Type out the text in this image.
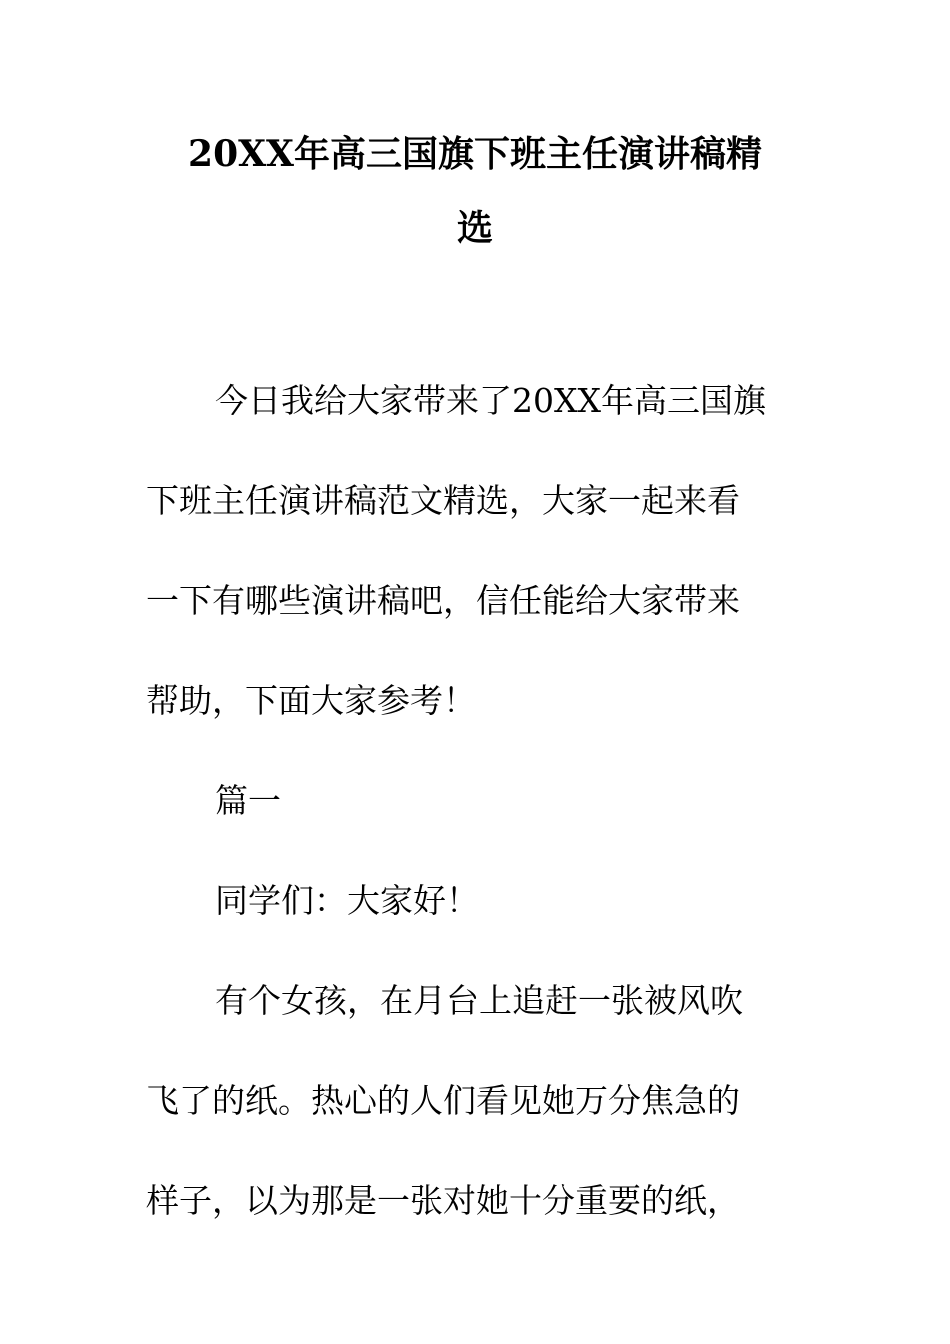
20XX年高三国旗下班主任演讲稿精
选
今日我给大家带来了20XX年高三国旗
下班主任演讲稿范文精选，大家一起来看
一下有哪些演讲稿吧，信任能给大家带来
帮助，下面大家参考！
篇一
同学们：大家好！
有个女孩，在月台上追赶一张被风吹
飞了的纸。热心的人们看见她万分焦急的
样子，以为那是一张对她十分重要的纸，
